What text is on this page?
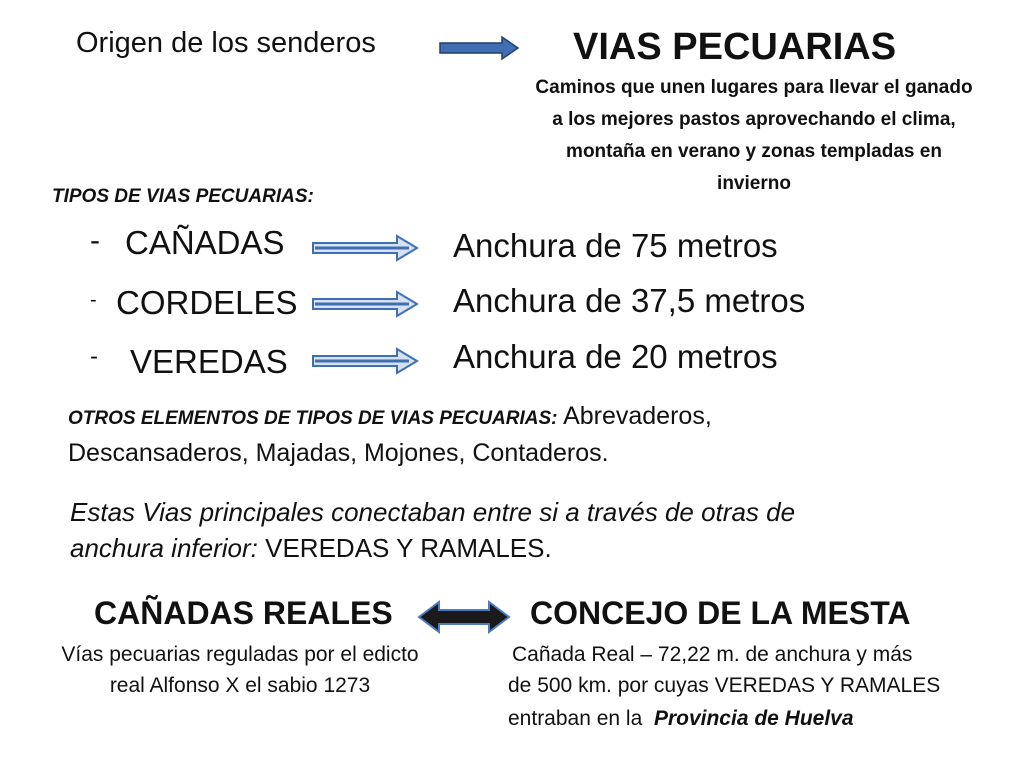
Origen de los senderos	VIAS PECUARIAS
Caminos que unen lugares para llevar el ganado a los mejores pastos aprovechando el clima, montaña en verano y zonas templadas en invierno
TIPOS DE VIAS PECUARIAS:
- CAÑADAS	Anchura de 75 metros
- CORDELES	Anchura de 37,5 metros
- VEREDAS	Anchura de 20 metros
OTROS ELEMENTOS DE TIPOS DE VIAS PECUARIAS: Abrevaderos, Descansaderos, Majadas, Mojones, Contaderos.
Estas Vias principales conectaban entre si a través de otras de anchura inferior: VEREDAS Y RAMALES.
CAÑADAS REALES
Vías pecuarias reguladas por el edicto real Alfonso X el sabio 1273
CONCEJO DE LA MESTA
Cañada Real – 72,22 m. de anchura y más
de 500 km. por cuyas VEREDAS Y RAMALES
entraban en la Provincia de Huelva
